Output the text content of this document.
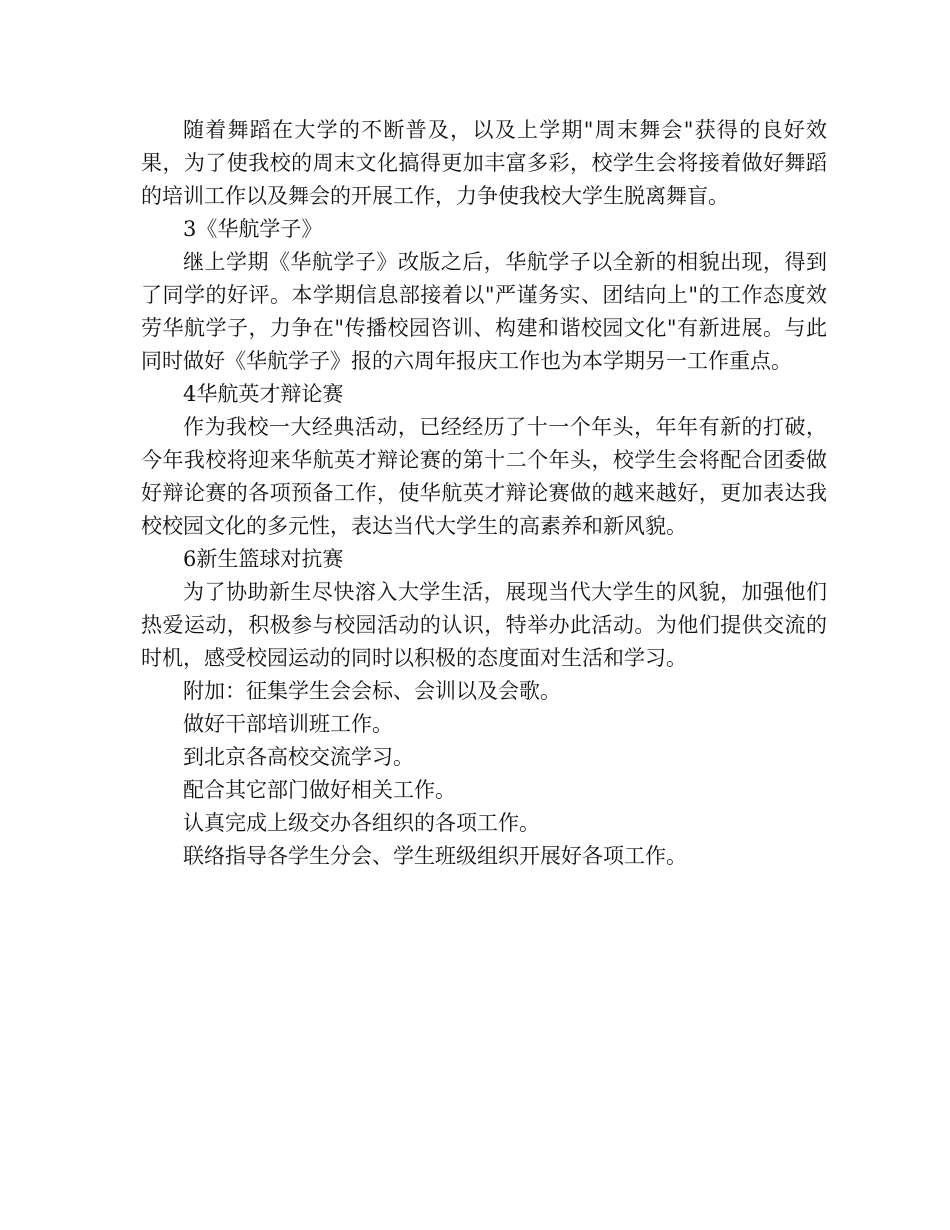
随着舞蹈在大学的不断普及，以及上学期"周末舞会"获得的良好效果，为了使我校的周末文化搞得更加丰富多彩，校学生会将接着做好舞蹈的培训工作以及舞会的开展工作，力争使我校大学生脱离舞盲。

3《华航学子》

继上学期《华航学子》改版之后，华航学子以全新的相貌出现，得到了同学的好评。本学期信息部接着以"严谨务实、团结向上"的工作态度效劳华航学子，力争在"传播校园咨训、构建和谐校园文化"有新进展。与此同时做好《华航学子》报的六周年报庆工作也为本学期另一工作重点。

4华航英才辩论赛

作为我校一大经典活动，已经经历了十一个年头，年年有新的打破，今年我校将迎来华航英才辩论赛的第十二个年头，校学生会将配合团委做好辩论赛的各项预备工作，使华航英才辩论赛做的越来越好，更加表达我校校园文化的多元性，表达当代大学生的高素养和新风貌。

6新生篮球对抗赛

为了协助新生尽快溶入大学生活，展现当代大学生的风貌，加强他们热爱运动，积极参与校园活动的认识，特举办此活动。为他们提供交流的时机，感受校园运动的同时以积极的态度面对生活和学习。

附加：征集学生会会标、会训以及会歌。

做好干部培训班工作。

到北京各高校交流学习。

配合其它部门做好相关工作。

认真完成上级交办各组织的各项工作。

联络指导各学生分会、学生班级组织开展好各项工作。
